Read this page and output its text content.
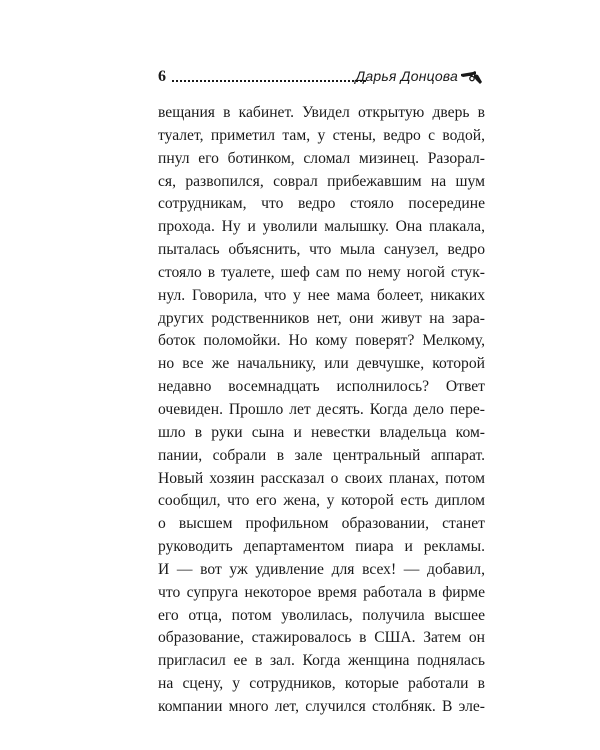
6	Дарья Донцова
вещания в кабинет. Увидел открытую дверь в
туалет, приметил там, у стены, ведро с водой,
пнул его ботинком, сломал мизинец. Разорал-
ся, развопился, соврал прибежавшим на шум
сотрудникам, что ведро стояло посередине
прохода. Ну и уволили малышку. Она плакала,
пыталась объяснить, что мыла санузел, ведро
стояло в туалете, шеф сам по нему ногой стук-
нул. Говорила, что у нее мама болеет, никаких
других родственников нет, они живут на зара-
боток поломойки. Но кому поверят? Мелкому,
но все же начальнику, или девчушке, которой
недавно восемнадцать исполнилось? Ответ
очевиден. Прошло лет десять. Когда дело пере-
шло в руки сына и невестки владельца ком-
пании, собрали в зале центральный аппарат.
Новый хозяин рассказал о своих планах, потом
сообщил, что его жена, у которой есть диплом
о высшем профильном образовании, станет
руководить департаментом пиара и рекламы.
И — вот уж удивление для всех! — добавил,
что супруга некоторое время работала в фирме
его отца, потом уволилась, получила высшее
образование, стажировалось в США. Затем он
пригласил ее в зал. Когда женщина поднялась
на сцену, у сотрудников, которые работали в
компании много лет, случился столбняк. В эле-
